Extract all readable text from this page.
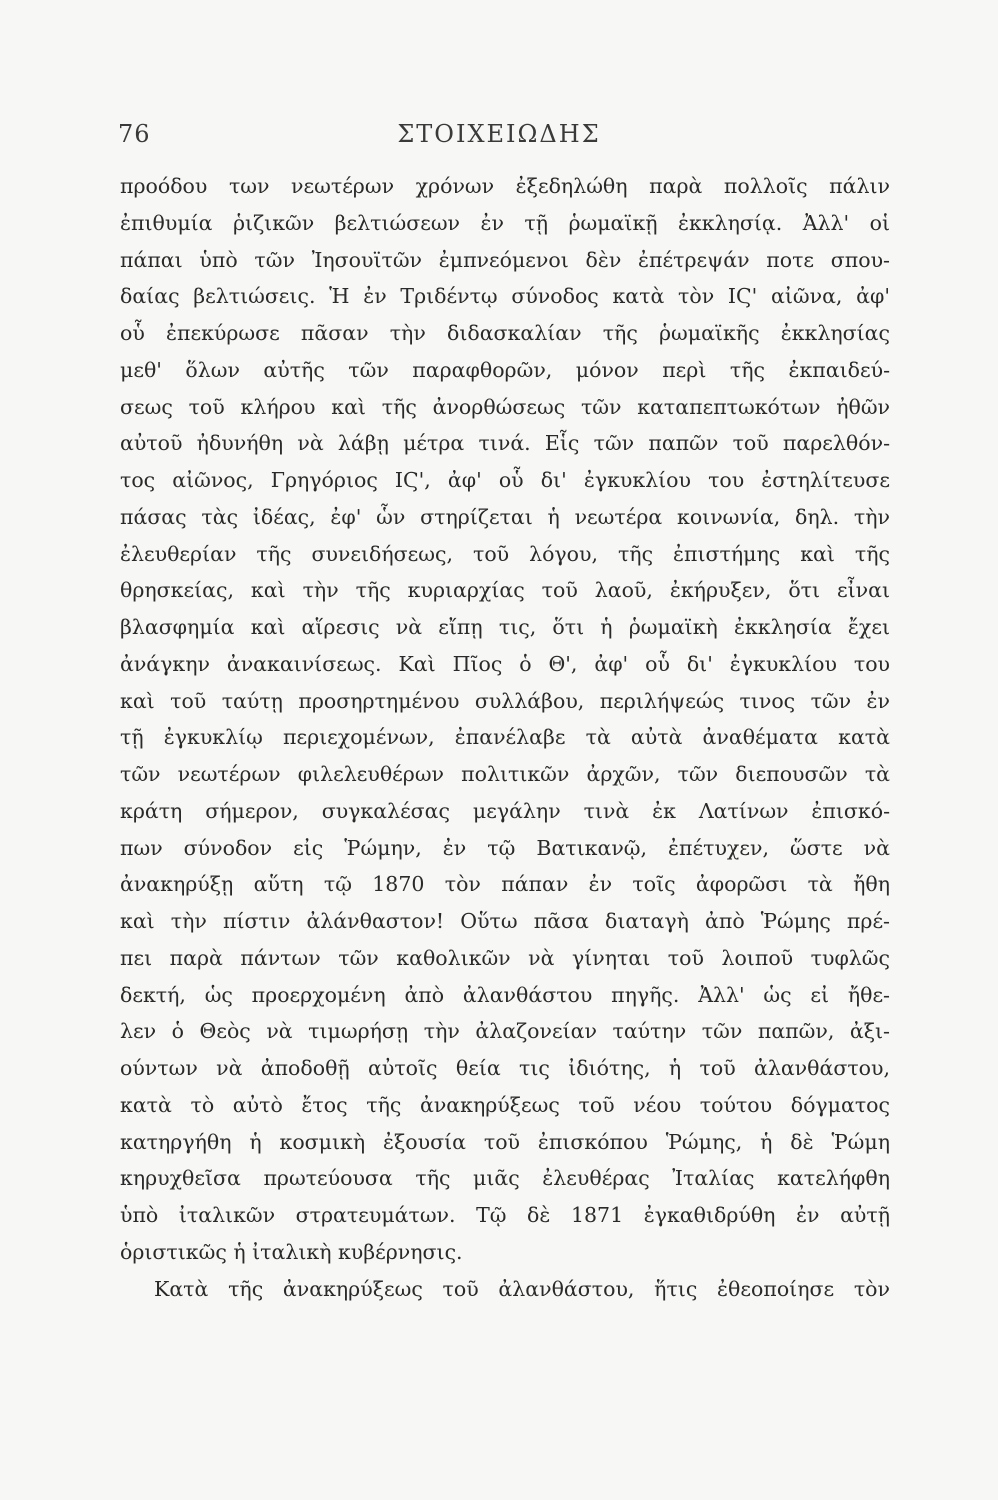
76	ΣΤΟΙΧΕΙΩΔΗΣ
προόδου των νεωτέρων χρόνων ἐξεδηλώθη παρὰ πολλοῖς πάλιν
ἐπιθυμία ῥιζικῶν βελτιώσεων ἐν τῇ ῥωμαϊκῇ ἐκκλησίᾳ. Ἀλλ' οἱ
πάπαι ὑπὸ τῶν Ἰησουϊτῶν ἐμπνεόμενοι δὲν ἐπέτρεψάν ποτε σπου-
δαίας βελτιώσεις. Ἡ ἐν Τριδέντῳ σύνοδος κατὰ τὸν ΙϚ' αἰῶνα, ἀφ'
οὗ ἐπεκύρωσε πᾶσαν τὴν διδασκαλίαν τῆς ῥωμαϊκῆς ἐκκλησίας
μεθ' ὅλων αὐτῆς τῶν παραφθορῶν, μόνον περὶ τῆς ἐκπαιδεύ-
σεως τοῦ κλήρου καὶ τῆς ἀνορθώσεως τῶν καταπεπτωκότων ἠθῶν
αὐτοῦ ἠδυνήθη νὰ λάβῃ μέτρα τινά. Εἷς τῶν παπῶν τοῦ παρελθόν-
τος αἰῶνος, Γρηγόριος ΙϚ', ἀφ' οὗ δι' ἐγκυκλίου του ἐστηλίτευσε
πάσας τὰς ἰδέας, ἐφ' ὧν στηρίζεται ἡ νεωτέρα κοινωνία, δηλ. τὴν
ἐλευθερίαν τῆς συνειδήσεως, τοῦ λόγου, τῆς ἐπιστήμης καὶ τῆς
θρησκείας, καὶ τὴν τῆς κυριαρχίας τοῦ λαοῦ, ἐκήρυξεν, ὅτι εἶναι
βλασφημία καὶ αἵρεσις νὰ εἴπῃ τις, ὅτι ἡ ῥωμαϊκὴ ἐκκλησία ἔχει
ἀνάγκην ἀνακαινίσεως. Καὶ Πῖος ὁ Θ', ἀφ' οὗ δι' ἐγκυκλίου του
καὶ τοῦ ταύτῃ προσηρτημένου συλλάβου, περιλήψεώς τινος τῶν ἐν
τῇ ἐγκυκλίῳ περιεχομένων, ἐπανέλαβε τὰ αὐτὰ ἀναθέματα κατὰ
τῶν νεωτέρων φιλελευθέρων πολιτικῶν ἀρχῶν, τῶν διεπουσῶν τὰ
κράτη σήμερον, συγκαλέσας μεγάλην τινὰ ἐκ Λατίνων ἐπισκό-
πων σύνοδον εἰς Ῥώμην, ἐν τῷ Βατικανῷ, ἐπέτυχεν, ὥστε νὰ
ἀνακηρύξῃ αὕτη τῷ 1870 τὸν πάπαν ἐν τοῖς ἀφορῶσι τὰ ἤθη
καὶ τὴν πίστιν ἀλάνθαστον! Οὕτω πᾶσα διαταγὴ ἀπὸ Ῥώμης πρέ-
πει παρὰ πάντων τῶν καθολικῶν νὰ γίνηται τοῦ λοιποῦ τυφλῶς
δεκτή, ὡς προερχομένη ἀπὸ ἀλανθάστου πηγῆς. Ἀλλ' ὡς εἰ ἤθε-
λεν ὁ Θεὸς νὰ τιμωρήσῃ τὴν ἀλαζονείαν ταύτην τῶν παπῶν, ἀξι-
ούντων νὰ ἀποδοθῇ αὐτοῖς θεία τις ἰδιότης, ἡ τοῦ ἀλανθάστου,
κατὰ τὸ αὐτὸ ἔτος τῆς ἀνακηρύξεως τοῦ νέου τούτου δόγματος
κατηργήθη ἡ κοσμικὴ ἐξουσία τοῦ ἐπισκόπου Ῥώμης, ἡ δὲ Ῥώμη
κηρυχθεῖσα πρωτεύουσα τῆς μιᾶς ἐλευθέρας Ἰταλίας κατελήφθη
ὑπὸ ἰταλικῶν στρατευμάτων. Τῷ δὲ 1871 ἐγκαθιδρύθη ἐν αὐτῇ
ὁριστικῶς ἡ ἰταλικὴ κυβέρνησις.
Κατὰ τῆς ἀνακηρύξεως τοῦ ἀλανθάστου, ἥτις ἐθεοποίησε τὸν
